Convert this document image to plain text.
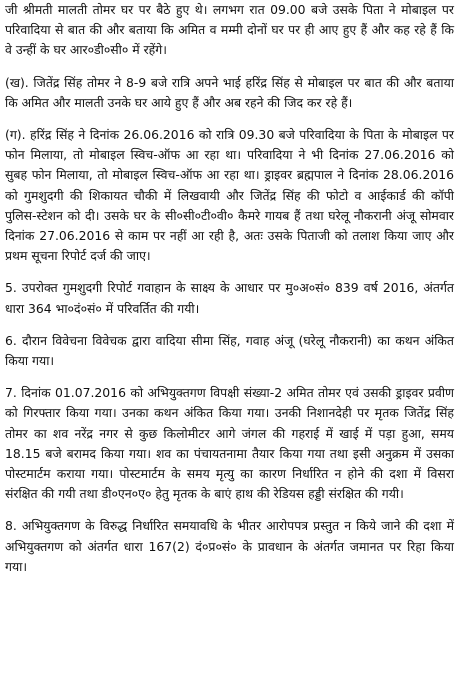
जी श्रीमती मालती तोमर घर पर बैठे हुए थे। लगभग रात 09.00 बजे उसके पिता ने मोबाइल पर परिवादिया से बात की और बताया कि अमित व मम्मी दोनों घर पर ही आए हुए हैं और कह रहे हैं कि वे उन्हीं के घर आर०डी०सी० में रहेंगे।

(ख). जितेंद्र सिंह तोमर ने 8-9 बजे रात्रि अपने भाई हरिंद्र सिंह से मोबाइल पर बात की और बताया कि अमित और मालती उनके घर आये हुए हैं और अब रहने की जिद कर रहे हैं।

(ग). हरिंद्र सिंह ने दिनांक 26.06.2016 को रात्रि 09.30 बजे परिवादिया के पिता के मोबाइल पर फोन मिलाया, तो मोबाइल स्विच-ऑफ आ रहा था। परिवादिया ने भी दिनांक 27.06.2016 को सुबह फोन मिलाया, तो मोबाइल स्विच-ऑफ आ रहा था। ड्राइवर ब्रह्मपाल ने दिनांक 28.06.2016 को गुमशुदगी की शिकायत चौकी में लिखवायी और जितेंद्र सिंह की फोटो व आईकार्ड की कॉपी पुलिस-स्टेशन को दी। उसके घर के सी०सी०टी०वी० कैमरे गायब हैं तथा घरेलू नौकरानी अंजू सोमवार दिनांक 27.06.2016 से काम पर नहीं आ रही है, अतः उसके पिताजी को तलाश किया जाए और प्रथम सूचना रिपोर्ट दर्ज की जाए।

5. उपरोक्त गुमशुदगी रिपोर्ट गवाहान के साक्ष्य के आधार पर मु०अ०सं० 839 वर्ष 2016, अंतर्गत धारा 364 भा०दं०सं० में परिवर्तित की गयी।

6. दौरान विवेचना विवेचक द्वारा वादिया सीमा सिंह, गवाह अंजू (घरेलू नौकरानी) का कथन अंकित किया गया।

7. दिनांक 01.07.2016 को अभियुक्तगण विपक्षी संख्या-2 अमित तोमर एवं उसकी ड्राइवर प्रवीण को गिरफ्तार किया गया। उनका कथन अंकित किया गया। उनकी निशानदेही पर मृतक जितेंद्र सिंह तोमर का शव नरेंद्र नगर से कुछ किलोमीटर आगे जंगल की गहराई में खाई में पड़ा हुआ, समय 18.15 बजे बरामद किया गया। शव का पंचायतनामा तैयार किया गया तथा इसी अनुक्रम में उसका पोस्टमार्टम कराया गया। पोस्टमार्टम के समय मृत्यु का कारण निर्धारित न होने की दशा में विसरा संरक्षित की गयी तथा डी०एन०ए० हेतु मृतक के बाएं हाथ की रेडियस हड्डी संरक्षित की गयी।

8. अभियुक्तगण के विरुद्ध निर्धारित समयावधि के भीतर आरोपपत्र प्रस्तुत न किये जाने की दशा में अभियुक्तगण को अंतर्गत धारा 167(2) दं०प्र०सं० के प्रावधान के अंतर्गत जमानत पर रिहा किया गया।
